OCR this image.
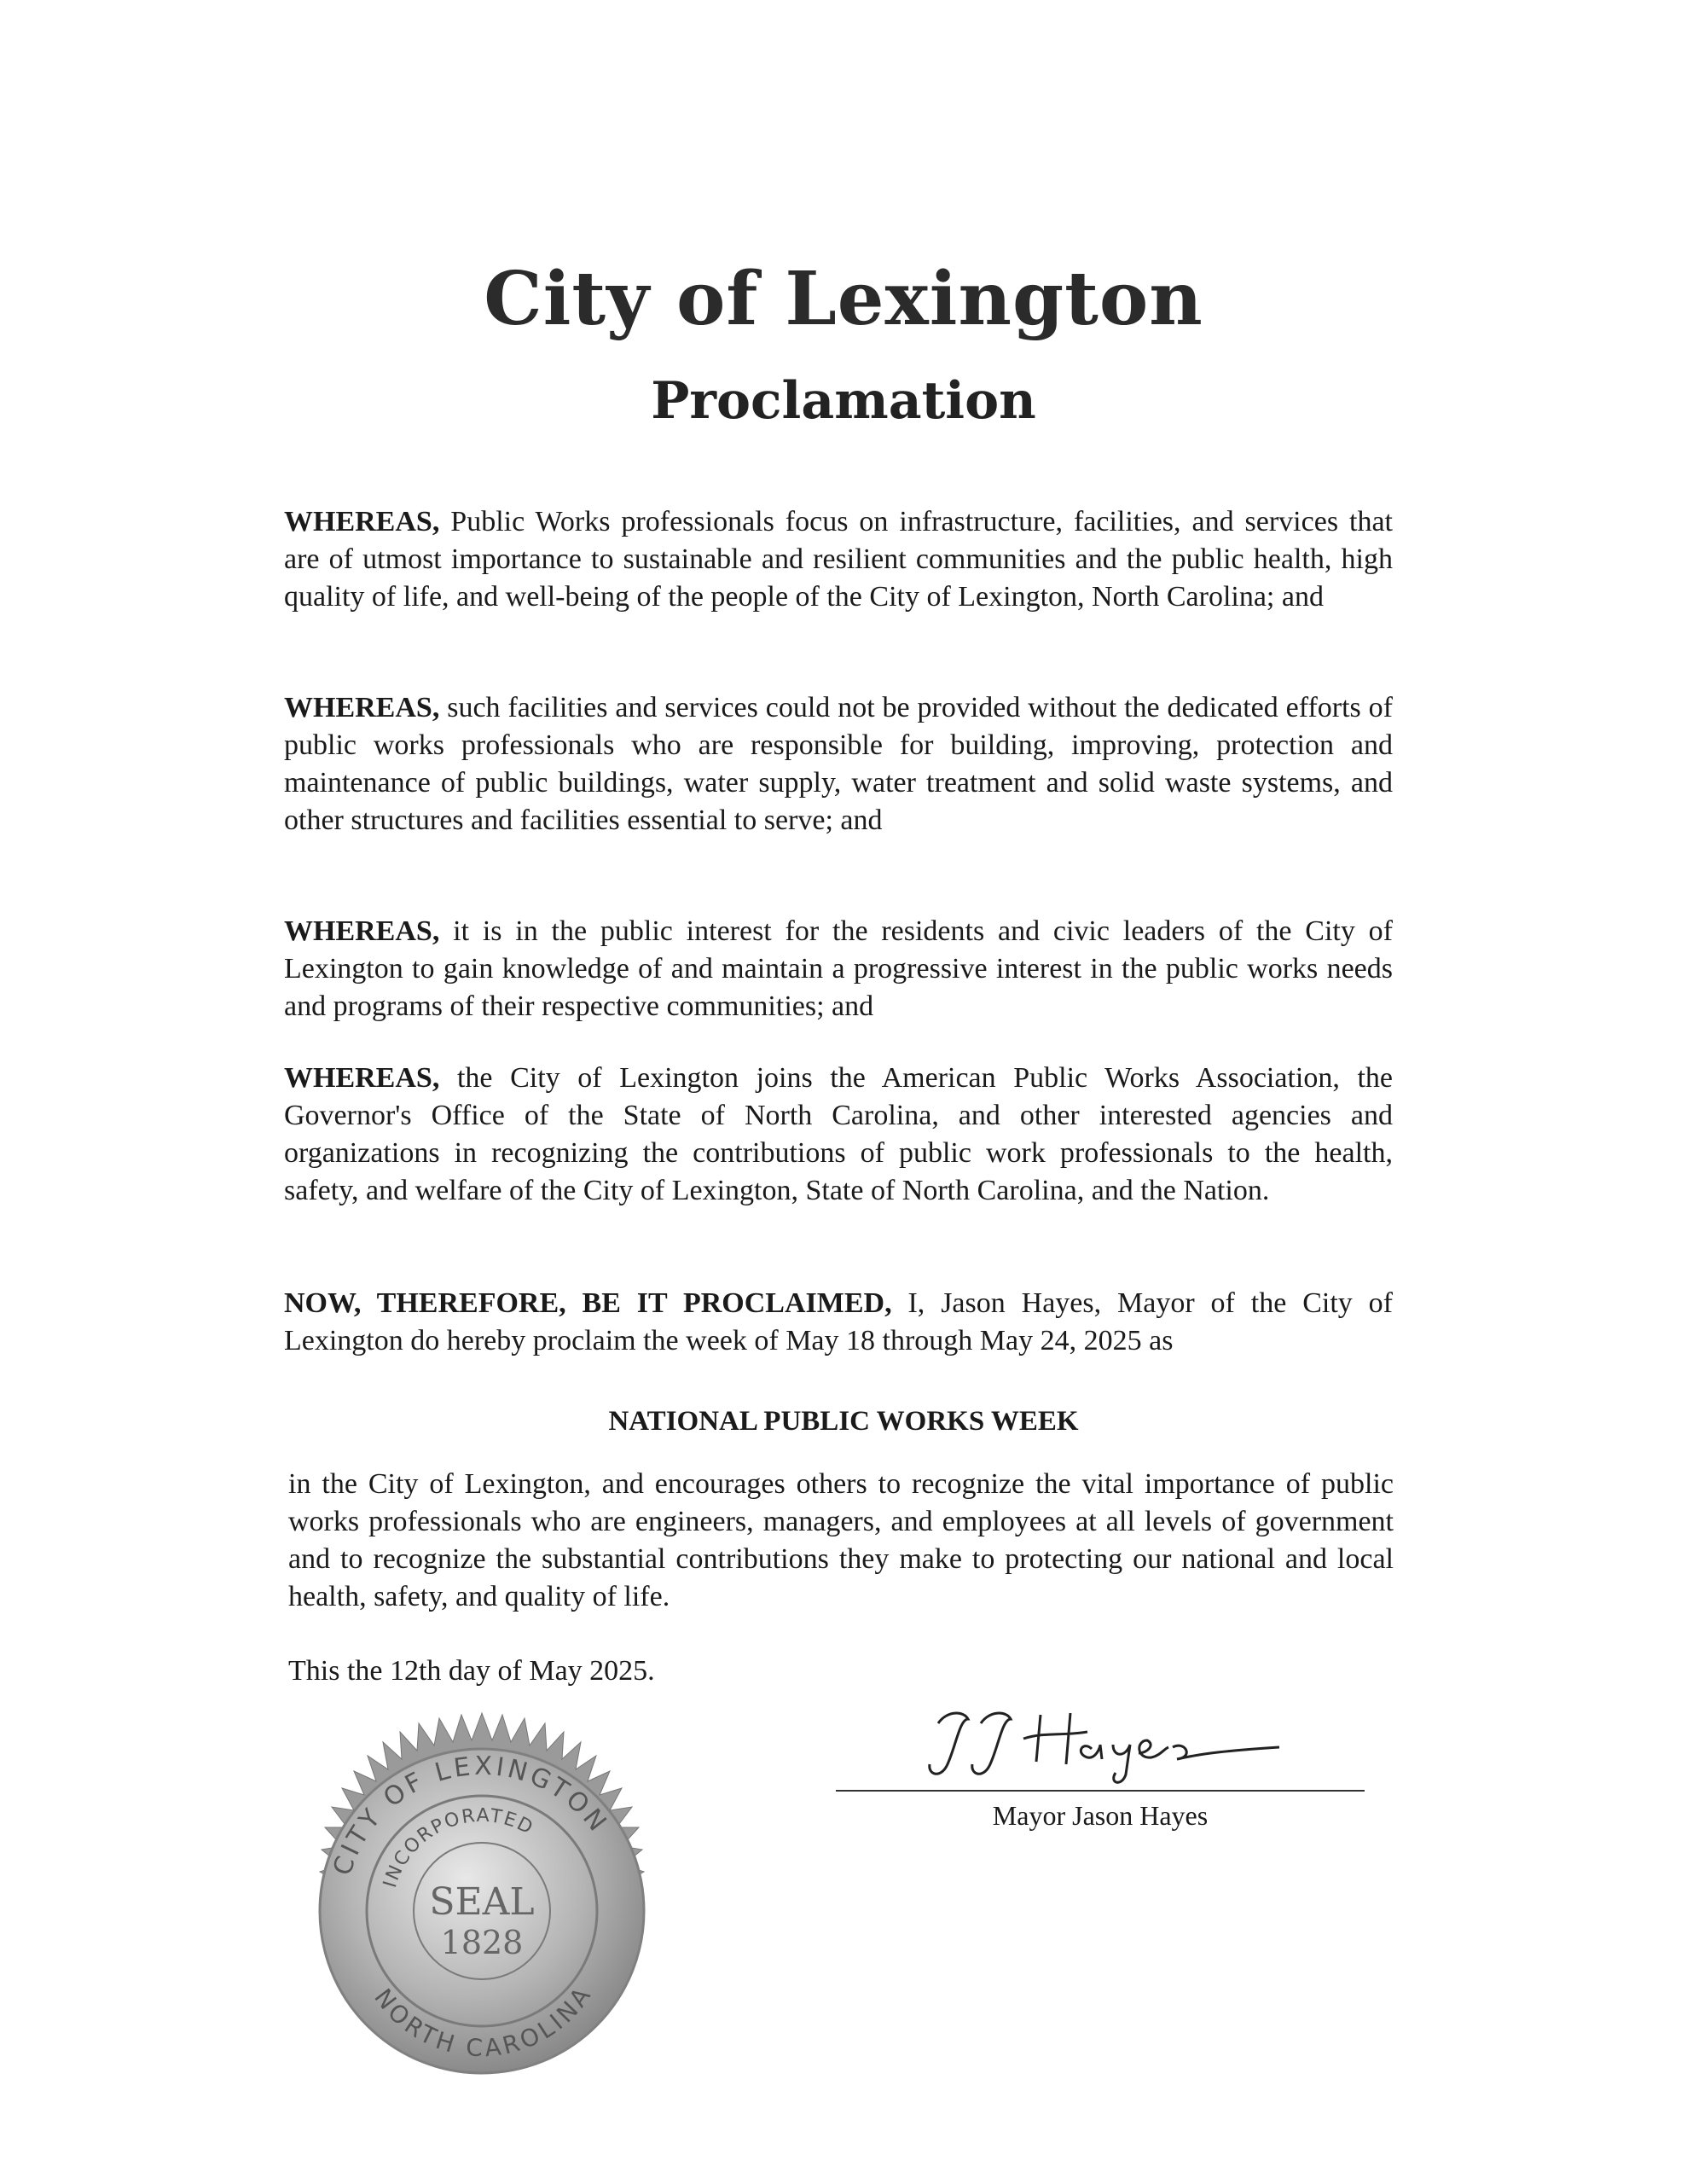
City of Lexington
Proclamation

WHEREAS, Public Works professionals focus on infrastructure, facilities, and services that are of utmost importance to sustainable and resilient communities and the public health, high quality of life, and well-being of the people of the City of Lexington, North Carolina; and

WHEREAS, such facilities and services could not be provided without the dedicated efforts of public works professionals who are responsible for building, improving, protection and maintenance of public buildings, water supply, water treatment and solid waste systems, and other structures and facilities essential to serve; and

WHEREAS, it is in the public interest for the residents and civic leaders of the City of Lexington to gain knowledge of and maintain a progressive interest in the public works needs and programs of their respective communities; and

WHEREAS, the City of Lexington joins the American Public Works Association, the Governor's Office of the State of North Carolina, and other interested agencies and organizations in recognizing the contributions of public work professionals to the health, safety, and welfare of the City of Lexington, State of North Carolina, and the Nation.

NOW, THEREFORE, BE IT PROCLAIMED, I, Jason Hayes, Mayor of the City of Lexington do hereby proclaim the week of May 18 through May 24, 2025 as

NATIONAL PUBLIC WORKS WEEK

in the City of Lexington, and encourages others to recognize the vital importance of public works professionals who are engineers, managers, and employees at all levels of government and to recognize the substantial contributions they make to protecting our national and local health, safety, and quality of life.

This the 12th day of May 2025.
Mayor Jason Hayes
CITY OF LEXINGTON
INCORPORATED
SEAL
1828
NORTH CAROLINA
